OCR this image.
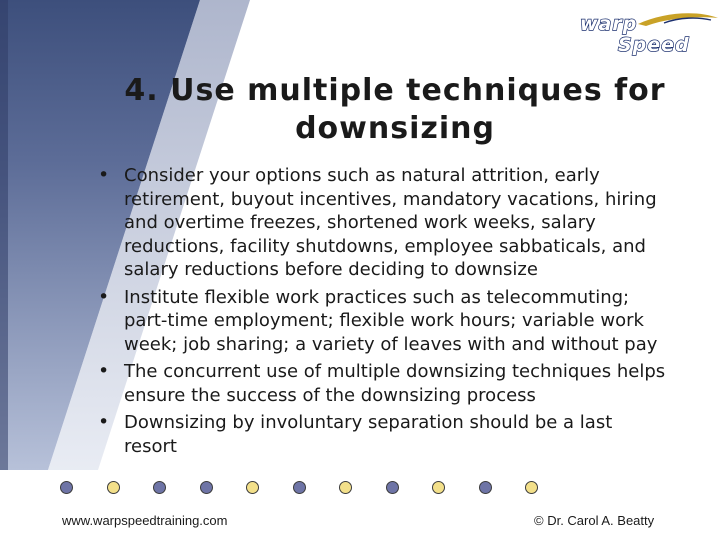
warp
Speed
4. Use multiple techniques for
downsizing
• Consider your options such as natural attrition, early
retirement, buyout incentives, mandatory vacations, hiring
and overtime freezes, shortened work weeks, salary
reductions, facility shutdowns, employee sabbaticals, and
salary reductions before deciding to downsize
• Institute flexible work practices such as telecommuting;
part-time employment; flexible work hours; variable work
week; job sharing; a variety of leaves with and without pay
• The concurrent use of multiple downsizing techniques helps
ensure the success of the downsizing process
• Downsizing by involuntary separation should be a last
resort
www.warpspeedtraining.com	© Dr. Carol A. Beatty
